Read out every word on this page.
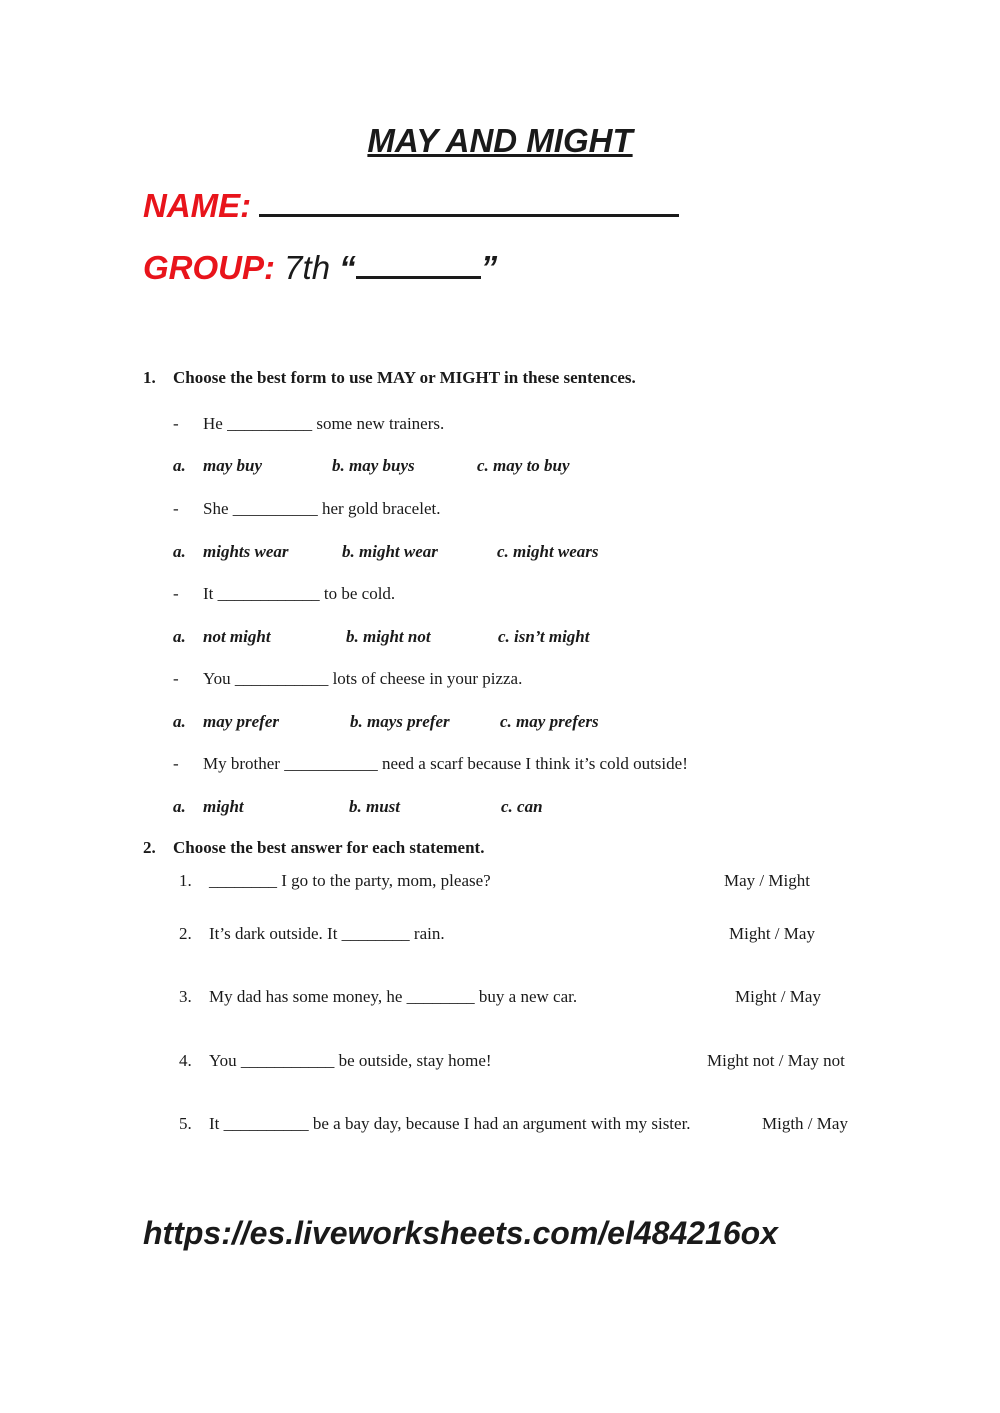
MAY AND MIGHT
NAME:
GROUP: 7th “	”
1. Choose the best form to use MAY or MIGHT in these sentences.
- He __________ some new trainers.
a. may buy	b. may buys	c. may to buy
- She __________ her gold bracelet.
a. mights wear	b. might wear	c. might wears
- It ____________ to be cold.
a. not might	b. might not	c. isn’t might
- You ___________ lots of cheese in your pizza.
a. may prefer	b. mays prefer	c. may prefers
- My brother ___________ need a scarf because I think it’s cold outside!
a. might	b. must	c. can
2. Choose the best answer for each statement.
1. ________ I go to the party, mom, please?	May / Might
2. It’s dark outside. It ________ rain.	Might / May
3. My dad has some money, he ________ buy a new car.	Might / May
4. You ___________ be outside, stay home!	Might not / May not
5. It __________ be a bay day, because I had an argument with my sister.	Migth / May
https://es.liveworksheets.com/el484216ox
